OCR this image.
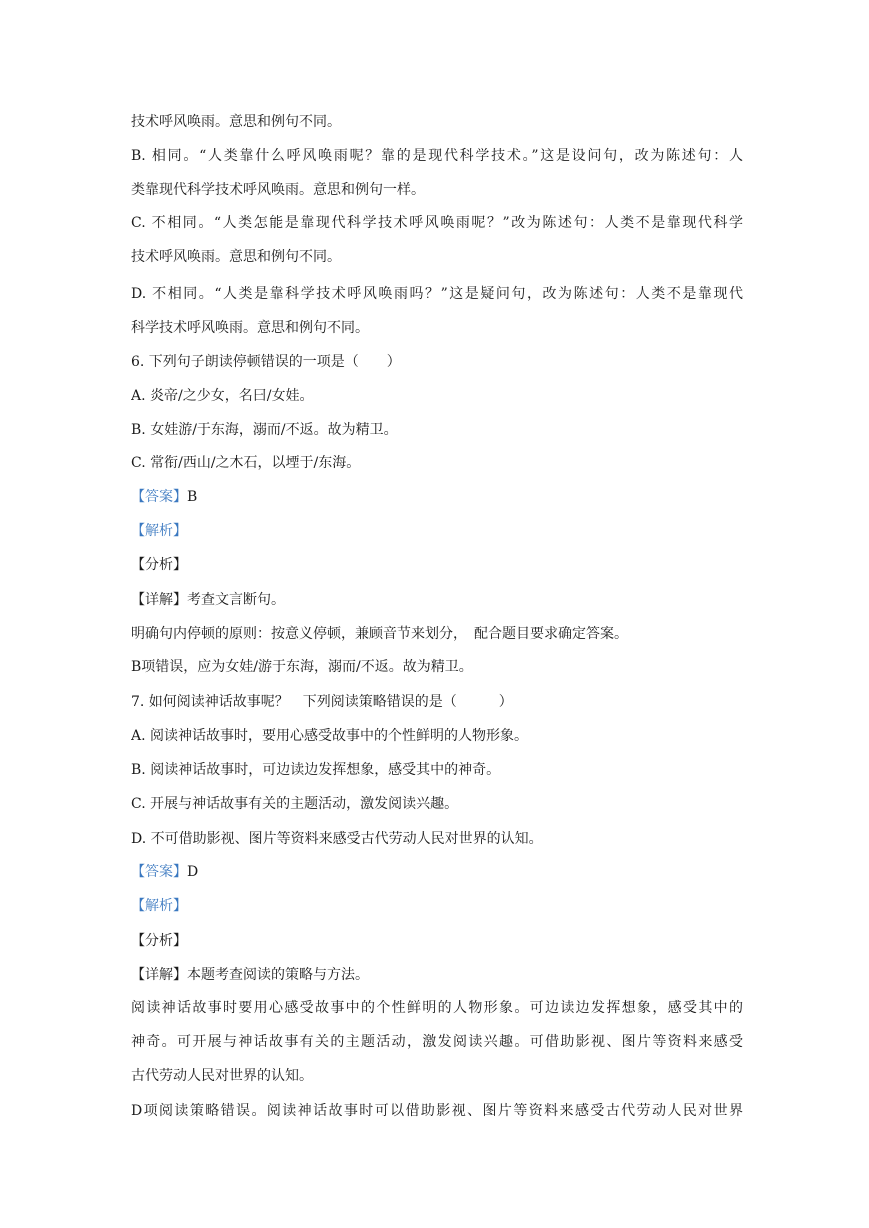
技术呼风唤雨。意思和例句不同。
B. 相同。“人类靠什么呼风唤雨呢？靠的是现代科学技术。”这是设问句，改为陈述句：人
类靠现代科学技术呼风唤雨。意思和例句一样。
C. 不相同。“人类怎能是靠现代科学技术呼风唤雨呢？”改为陈述句：人类不是靠现代科学
技术呼风唤雨。意思和例句不同。
D. 不相同。“人类是靠科学技术呼风唤雨吗？”这是疑问句，改为陈述句：人类不是靠现代
科学技术呼风唤雨。意思和例句不同。
6. 下列句子朗读停顿错误的一项是（　　）
A. 炎帝/之少女，名曰/女娃。
B. 女娃游/于东海，溺而/不返。故为精卫。
C. 常衔/西山/之木石，以堙于/东海。
【答案】B
【解析】
【分析】
【详解】考查文言断句。
明确句内停顿的原则：按意义停顿，兼顾音节来划分，　配合题目要求确定答案。
B项错误，应为女娃/游于东海，溺而/不返。故为精卫。
7. 如何阅读神话故事呢？　下列阅读策略错误的是（　　　）
A. 阅读神话故事时，要用心感受故事中的个性鲜明的人物形象。
B. 阅读神话故事时，可边读边发挥想象，感受其中的神奇。
C. 开展与神话故事有关的主题活动，激发阅读兴趣。
D. 不可借助影视、图片等资料来感受古代劳动人民对世界的认知。
【答案】D
【解析】
【分析】
【详解】本题考查阅读的策略与方法。
阅读神话故事时要用心感受故事中的个性鲜明的人物形象。可边读边发挥想象，感受其中的
神奇。可开展与神话故事有关的主题活动，激发阅读兴趣。可借助影视、图片等资料来感受
古代劳动人民对世界的认知。
D项阅读策略错误。阅读神话故事时可以借助影视、图片等资料来感受古代劳动人民对世界
